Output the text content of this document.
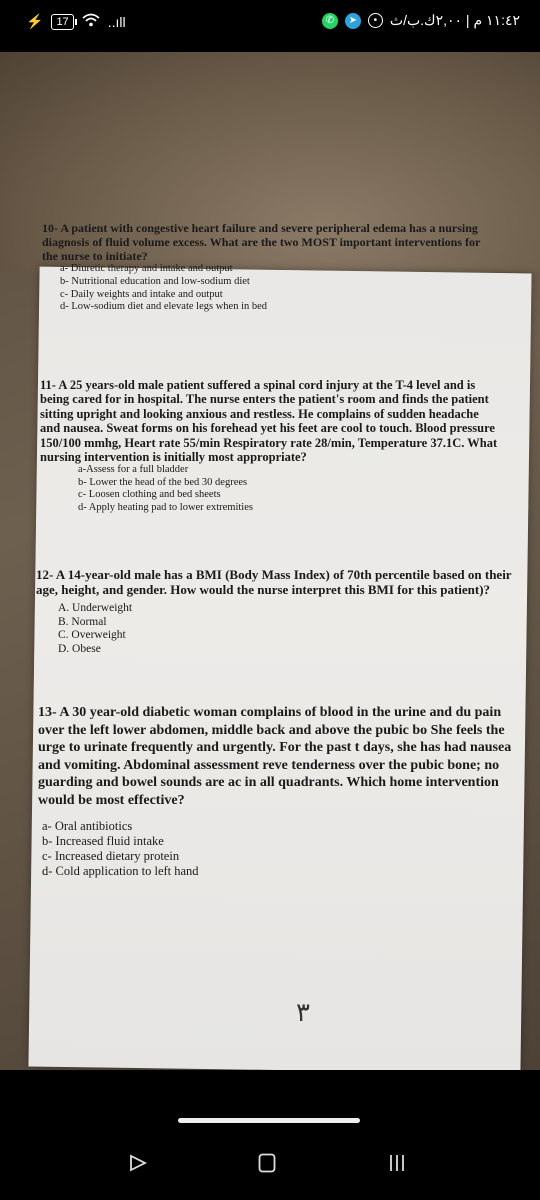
⚡	17	..ıll	✆	➤	• ١١:٤٢ م | ٢,٠٠ك.ب/ث
10- A patient with congestive heart failure and severe peripheral edema has a nursing diagnosis of fluid volume excess. What are the two MOST important interventions for the nurse to initiate?
a- Diuretic therapy and intake and output
b- Nutritional education and low-sodium diet
c- Daily weights and intake and output
d- Low-sodium diet and elevate legs when in bed
11- A 25 years-old male patient suffered a spinal cord injury at the T-4 level and is being cared for in hospital. The nurse enters the patient's room and finds the patient sitting upright and looking anxious and restless. He complains of sudden headache and nausea. Sweat forms on his forehead yet his feet are cool to touch. Blood pressure 150/100 mmhg, Heart rate 55/min Respiratory rate 28/min, Temperature 37.1C. What nursing intervention is initially most appropriate?
a-Assess for a full bladder
b- Lower the head of the bed 30 degrees
c- Loosen clothing and bed sheets
d- Apply heating pad to lower extremities
12- A 14-year-old male has a BMI (Body Mass Index) of 70th percentile based on their age, height, and gender. How would the nurse interpret this BMI for this patient)?
A. Underweight
B. Normal
C. Overweight
D. Obese
13- A 30 year-old diabetic woman complains of blood in the urine and du pain over the left lower abdomen, middle back and above the pubic bo She feels the urge to urinate frequently and urgently. For the past t days, she has had nausea and vomiting. Abdominal assessment reve tenderness over the pubic bone; no guarding and bowel sounds are ac in all quadrants. Which home intervention would be most effective?
a- Oral antibiotics
b- Increased fluid intake
c- Increased dietary protein
d- Cold application to left hand
٣
